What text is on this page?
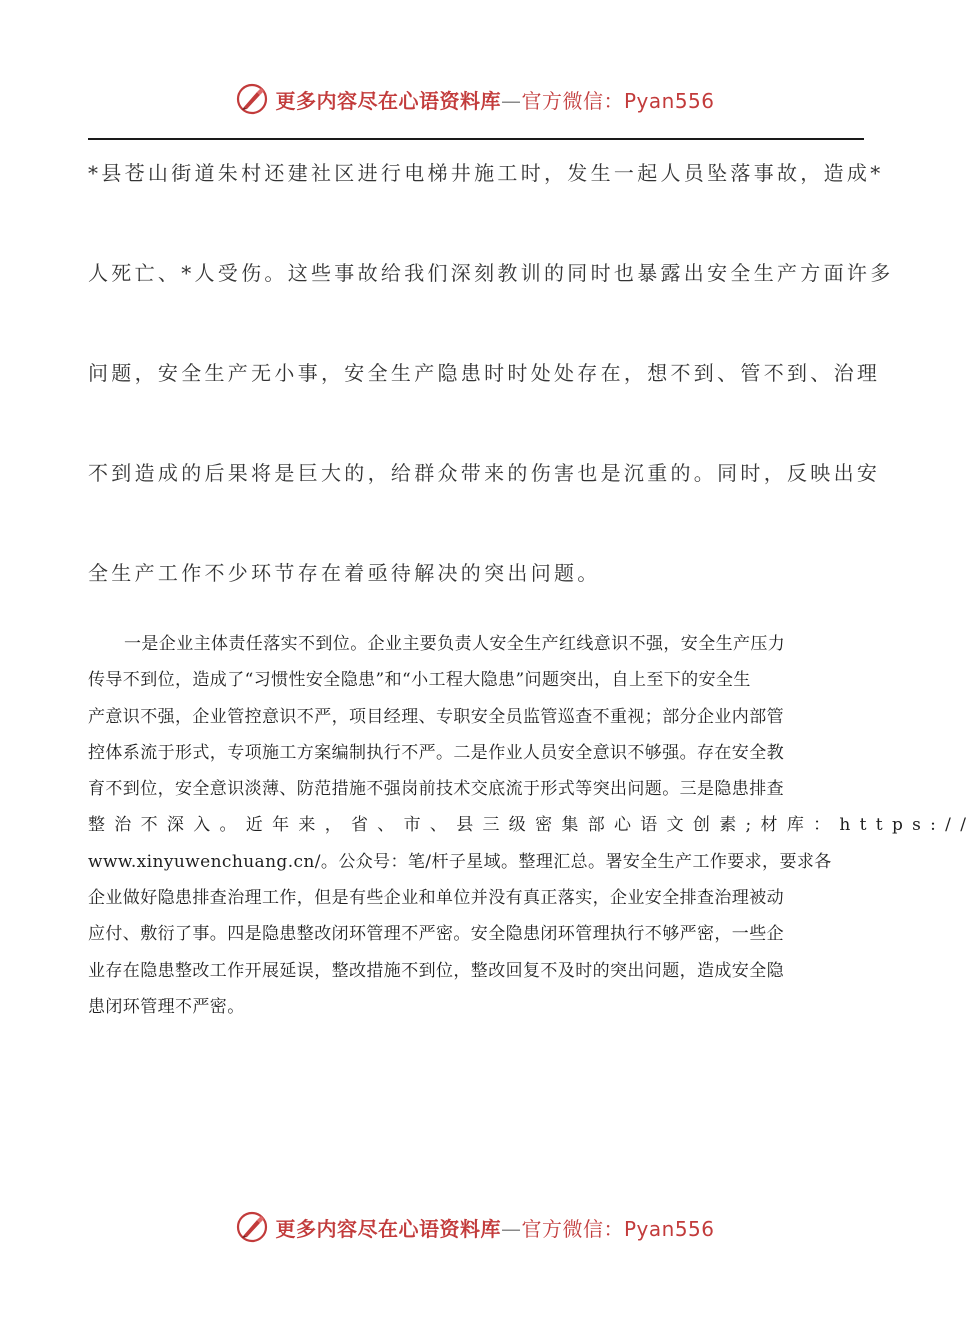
更多内容尽在心语资料库—官方微信：Pyan556
*县苍山街道朱村还建社区进行电梯井施工时，发生一起人员坠落事故，造成*
人死亡、*人受伤。这些事故给我们深刻教训的同时也暴露出安全生产方面许多
问题，安全生产无小事，安全生产隐患时时处处存在，想不到、管不到、治理
不到造成的后果将是巨大的，给群众带来的伤害也是沉重的。同时，反映出安
全生产工作不少环节存在着亟待解决的突出问题。
一是企业主体责任落实不到位。企业主要负责人安全生产红线意识不强，安全生产压力
传导不到位，造成了“习惯性安全隐患”和“小工程大隐患”问题突出，自上至下的安全生
产意识不强，企业管控意识不严，项目经理、专职安全员监管巡查不重视；部分企业内部管
控体系流于形式，专项施工方案编制执行不严。二是作业人员安全意识不够强。存在安全教
育不到位，安全意识淡薄、防范措施不强岗前技术交底流于形式等突出问题。三是隐患排查
整治不深入。近年来，省、市、县三级密集部心语文创素;材库：https://
www.xinyuwenchuang.cn/。公众号：笔/杆子星域。整理汇总。署安全生产工作要求，要求各
企业做好隐患排查治理工作，但是有些企业和单位并没有真正落实，企业安全排查治理被动
应付、敷衍了事。四是隐患整改闭环管理不严密。安全隐患闭环管理执行不够严密，一些企
业存在隐患整改工作开展延误，整改措施不到位，整改回复不及时的突出问题，造成安全隐
患闭环管理不严密。
更多内容尽在心语资料库—官方微信：Pyan556
